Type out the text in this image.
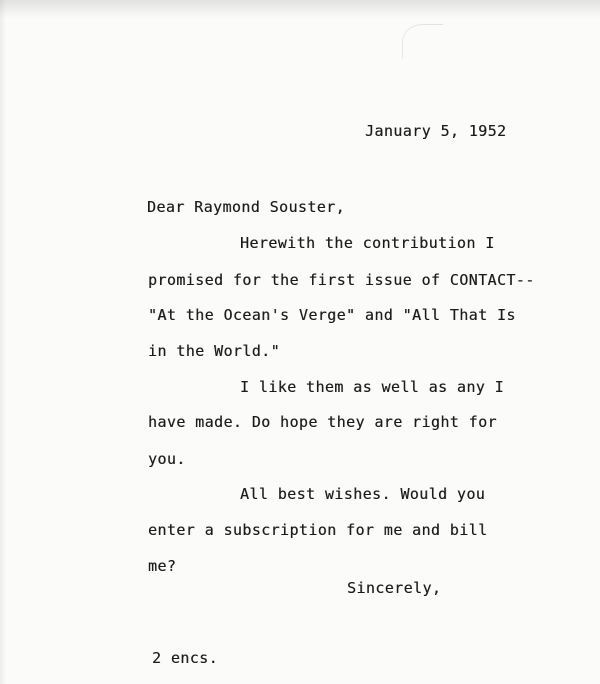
January 5, 1952

Dear Raymond Souster,

Herewith the contribution I

promised for the first issue of CONTACT--

"At the Ocean's Verge" and "All That Is

in the World."

I like them as well as any I

have made. Do hope they are right for

you.

All best wishes. Would you

enter a subscription for me and bill

me?

Sincerely,

2 encs.
